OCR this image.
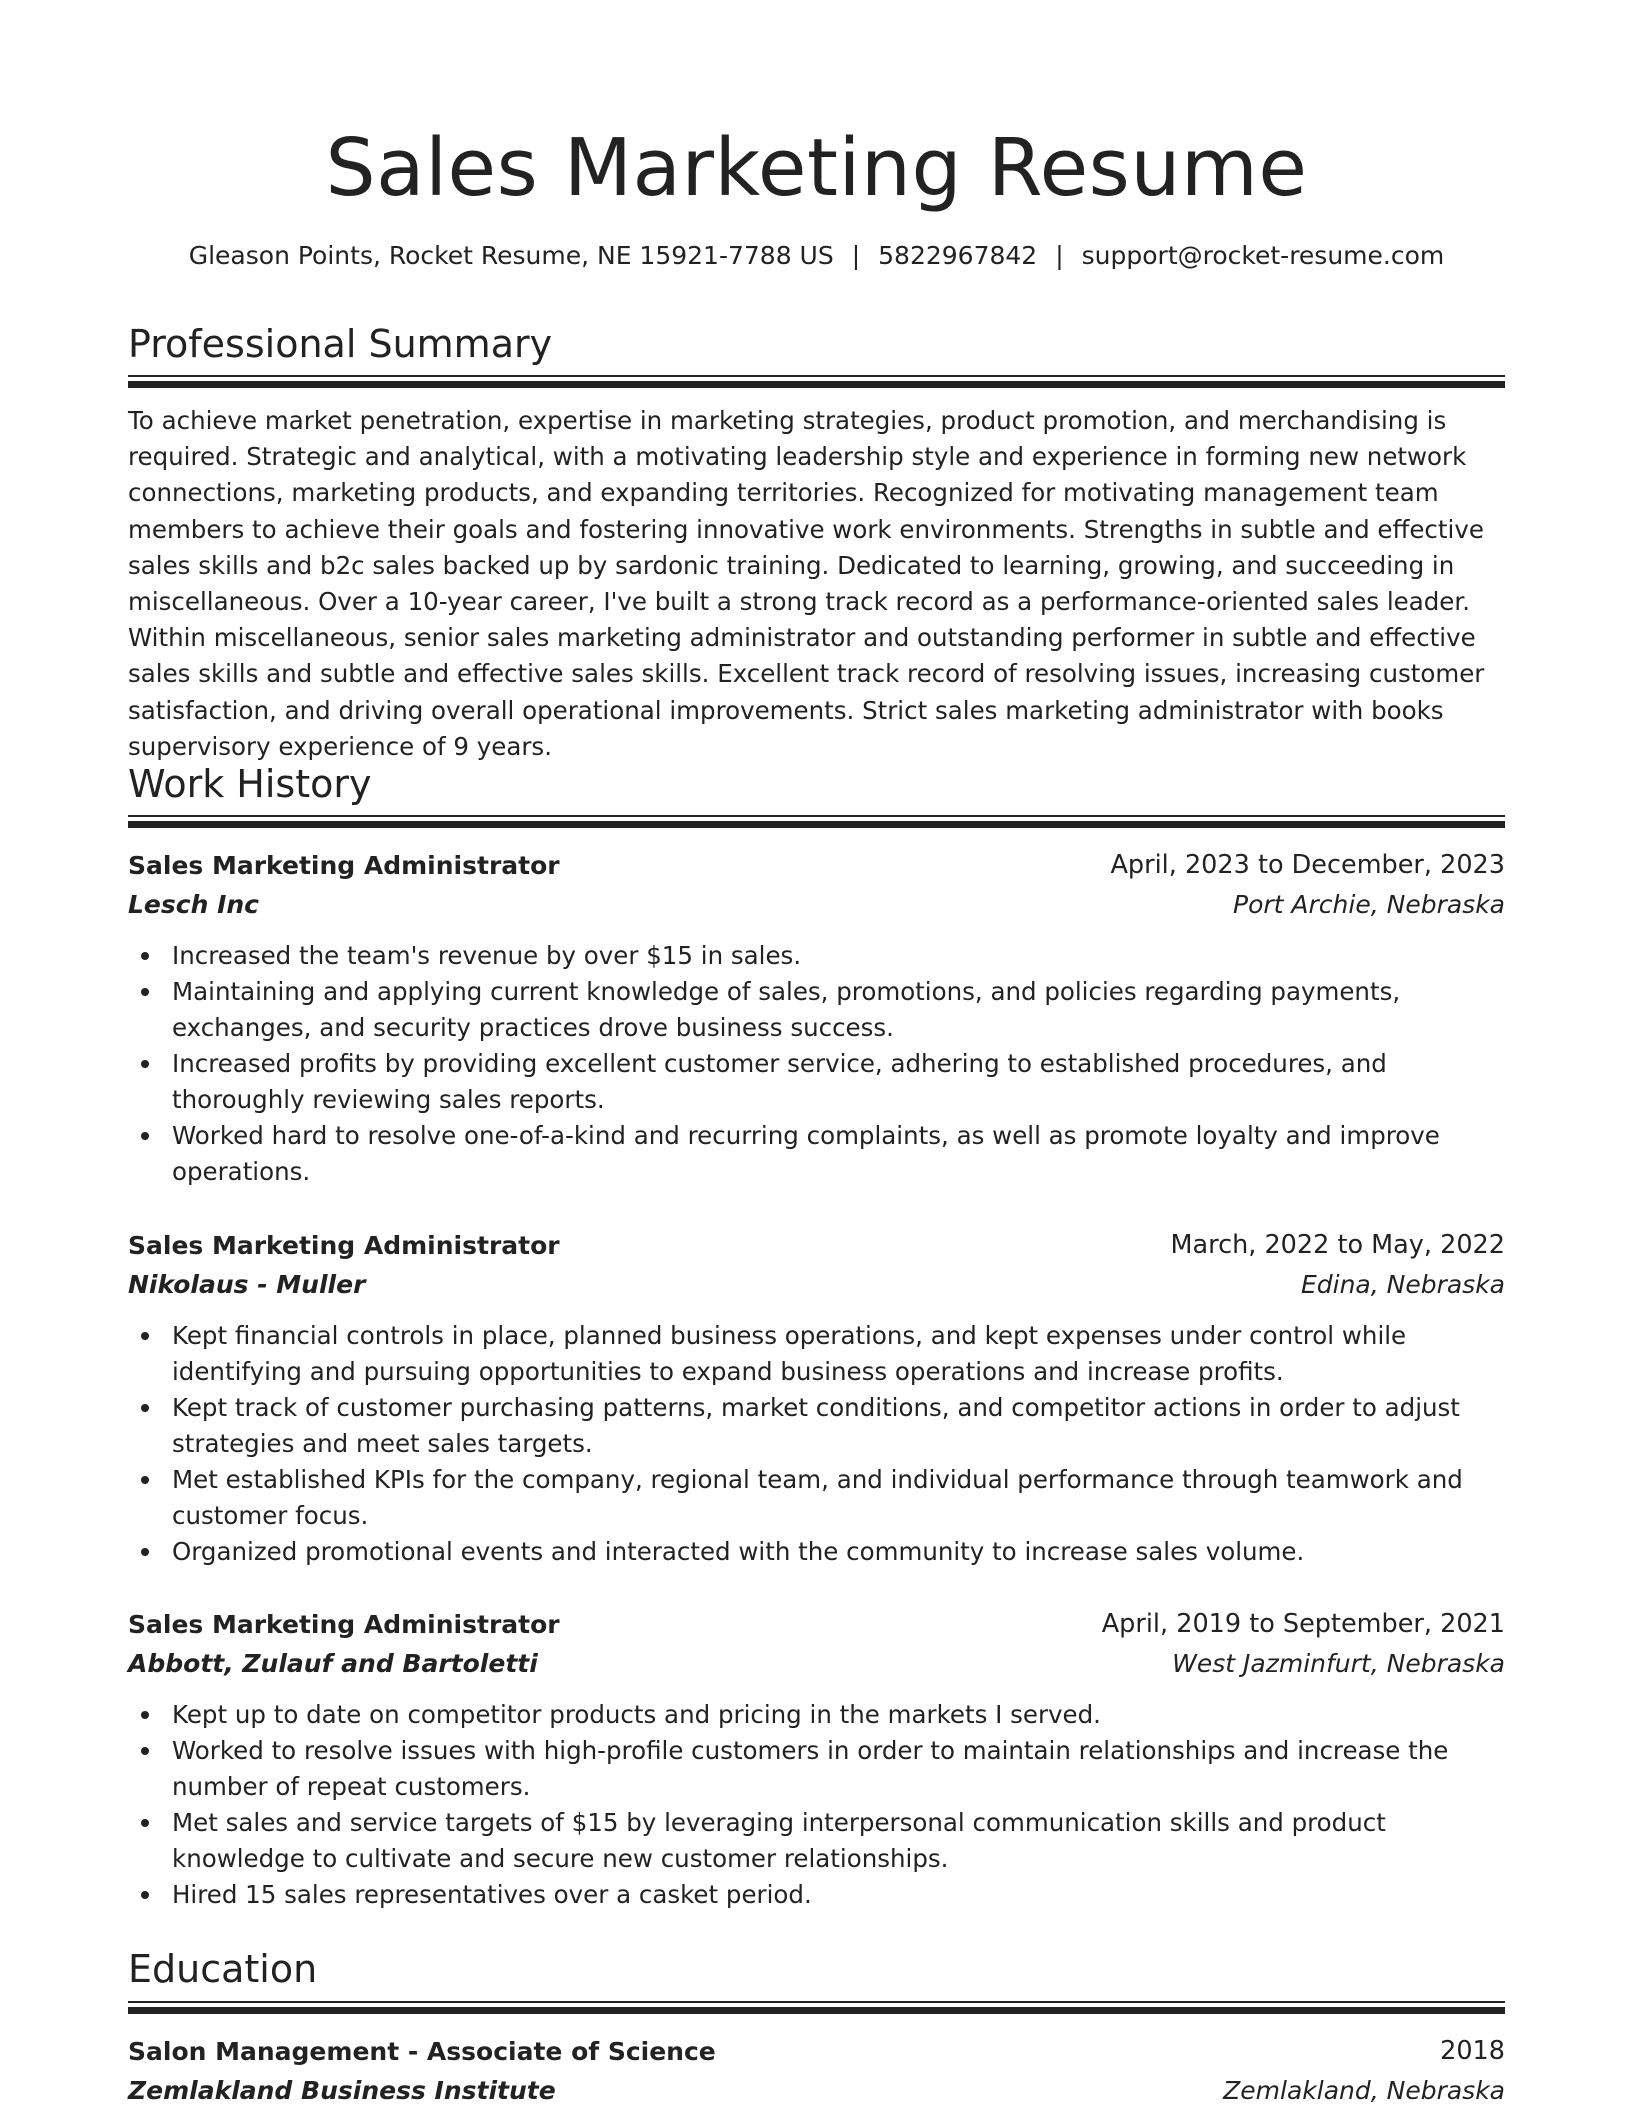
Sales Marketing Resume
Gleason Points, Rocket Resume, NE 15921-7788 US | 5822967842 | support@rocket-resume.com
Professional Summary

To achieve market penetration, expertise in marketing strategies, product promotion, and merchandising is required. Strategic and analytical, with a motivating leadership style and experience in forming new network connections, marketing products, and expanding territories. Recognized for motivating management team members to achieve their goals and fostering innovative work environments. Strengths in subtle and effective sales skills and b2c sales backed up by sardonic training. Dedicated to learning, growing, and succeeding in miscellaneous. Over a 10-year career, I've built a strong track record as a performance-oriented sales leader. Within miscellaneous, senior sales marketing administrator and outstanding performer in subtle and effective sales skills and subtle and effective sales skills. Excellent track record of resolving issues, increasing customer satisfaction, and driving overall operational improvements. Strict sales marketing administrator with books supervisory experience of 9 years.

Work History
Sales Marketing Administrator	April, 2023 to December, 2023
Lesch Inc	Port Archie, Nebraska
Increased the team's revenue by over $15 in sales.
Maintaining and applying current knowledge of sales, promotions, and policies regarding payments, exchanges, and security practices drove business success.
Increased profits by providing excellent customer service, adhering to established procedures, and thoroughly reviewing sales reports.
Worked hard to resolve one-of-a-kind and recurring complaints, as well as promote loyalty and improve operations.
Sales Marketing Administrator	March, 2022 to May, 2022
Nikolaus - Muller	Edina, Nebraska
Kept financial controls in place, planned business operations, and kept expenses under control while identifying and pursuing opportunities to expand business operations and increase profits.
Kept track of customer purchasing patterns, market conditions, and competitor actions in order to adjust strategies and meet sales targets.
Met established KPIs for the company, regional team, and individual performance through teamwork and customer focus.
Organized promotional events and interacted with the community to increase sales volume.
Sales Marketing Administrator	April, 2019 to September, 2021
Abbott, Zulauf and Bartoletti	West Jazminfurt, Nebraska
Kept up to date on competitor products and pricing in the markets I served.
Worked to resolve issues with high-profile customers in order to maintain relationships and increase the number of repeat customers.
Met sales and service targets of $15 by leveraging interpersonal communication skills and product knowledge to cultivate and secure new customer relationships.
Hired 15 sales representatives over a casket period.
Education
Salon Management - Associate of Science	2018
Zemlakland Business Institute	Zemlakland, Nebraska
